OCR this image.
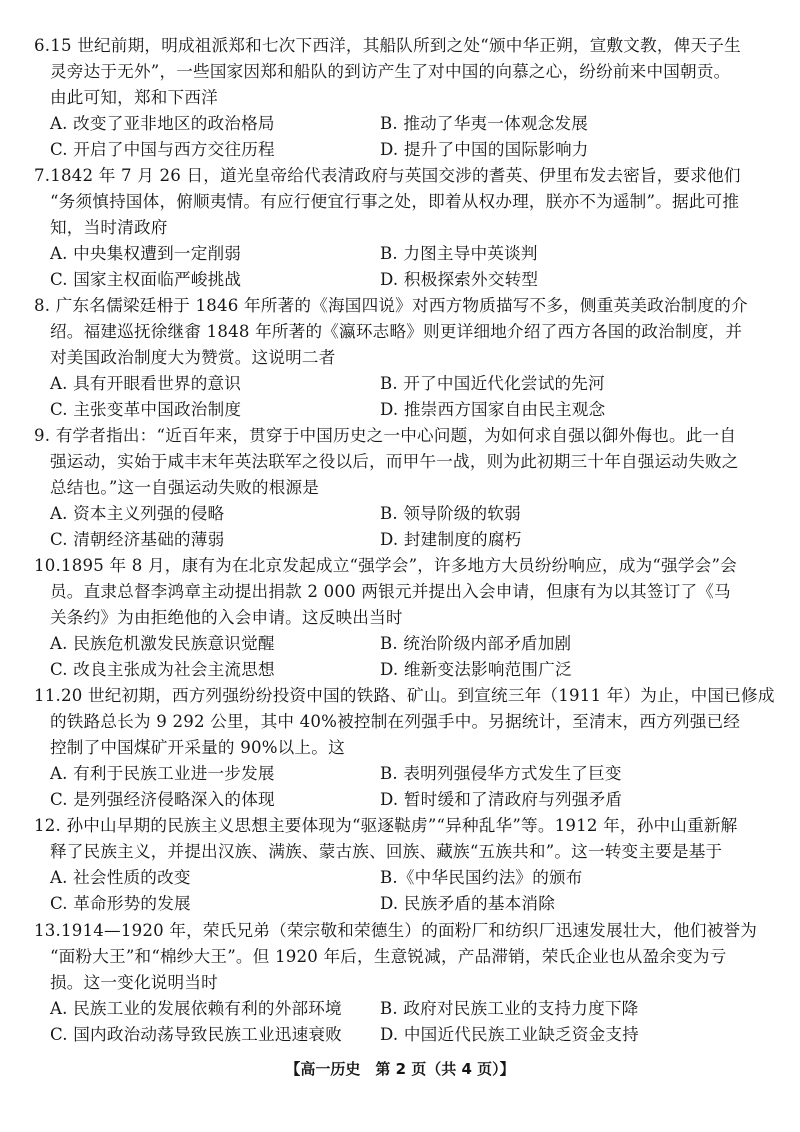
6.15 世纪前期，明成祖派郑和七次下西洋，其船队所到之处“颁中华正朔，宣敷文教，俾天子生
灵旁达于无外”，一些国家因郑和船队的到访产生了对中国的向慕之心，纷纷前来中国朝贡。
由此可知，郑和下西洋
A. 改变了亚非地区的政治格局	B. 推动了华夷一体观念发展
C. 开启了中国与西方交往历程	D. 提升了中国的国际影响力
7.1842 年 7 月 26 日，道光皇帝给代表清政府与英国交涉的耆英、伊里布发去密旨，要求他们
“务须慎持国体，俯顺夷情。有应行便宜行事之处，即着从权办理，朕亦不为遥制”。据此可推
知，当时清政府
A. 中央集权遭到一定削弱	B. 力图主导中英谈判
C. 国家主权面临严峻挑战	D. 积极探索外交转型
8. 广东名儒梁廷枏于 1846 年所著的《海国四说》对西方物质描写不多，侧重英美政治制度的介
绍。福建巡抚徐继畬 1848 年所著的《瀛环志略》则更详细地介绍了西方各国的政治制度，并
对美国政治制度大为赞赏。这说明二者
A. 具有开眼看世界的意识	B. 开了中国近代化尝试的先河
C. 主张变革中国政治制度	D. 推崇西方国家自由民主观念
9. 有学者指出：“近百年来，贯穿于中国历史之一中心问题，为如何求自强以御外侮也。此一自
强运动，实始于咸丰末年英法联军之役以后，而甲午一战，则为此初期三十年自强运动失败之
总结也。”这一自强运动失败的根源是
A. 资本主义列强的侵略	B. 领导阶级的软弱
C. 清朝经济基础的薄弱	D. 封建制度的腐朽
10.1895 年 8 月，康有为在北京发起成立“强学会”，许多地方大员纷纷响应，成为“强学会”会
员。直隶总督李鸿章主动提出捐款 2 000 两银元并提出入会申请，但康有为以其签订了《马
关条约》为由拒绝他的入会申请。这反映出当时
A. 民族危机激发民族意识觉醒	B. 统治阶级内部矛盾加剧
C. 改良主张成为社会主流思想	D. 维新变法影响范围广泛
11.20 世纪初期，西方列强纷纷投资中国的铁路、矿山。到宣统三年（1911 年）为止，中国已修成
的铁路总长为 9 292 公里，其中 40%被控制在列强手中。另据统计，至清末，西方列强已经
控制了中国煤矿开采量的 90%以上。这
A. 有利于民族工业进一步发展	B. 表明列强侵华方式发生了巨变
C. 是列强经济侵略深入的体现	D. 暂时缓和了清政府与列强矛盾
12. 孙中山早期的民族主义思想主要体现为“驱逐鞑虏”“异种乱华”等。1912 年，孙中山重新解
释了民族主义，并提出汉族、满族、蒙古族、回族、藏族“五族共和”。这一转变主要是基于
A. 社会性质的改变	B.《中华民国约法》的颁布
C. 革命形势的发展	D. 民族矛盾的基本消除
13.1914—1920 年，荣氏兄弟（荣宗敬和荣德生）的面粉厂和纺织厂迅速发展壮大，他们被誉为
“面粉大王”和“棉纱大王”。但 1920 年后，生意锐减，产品滞销，荣氏企业也从盈余变为亏
损。这一变化说明当时
A. 民族工业的发展依赖有利的外部环境 B. 政府对民族工业的支持力度下降
C. 国内政治动荡导致民族工业迅速衰败 D. 中国近代民族工业缺乏资金支持
【高一历史　第 2 页（共 4 页）】
